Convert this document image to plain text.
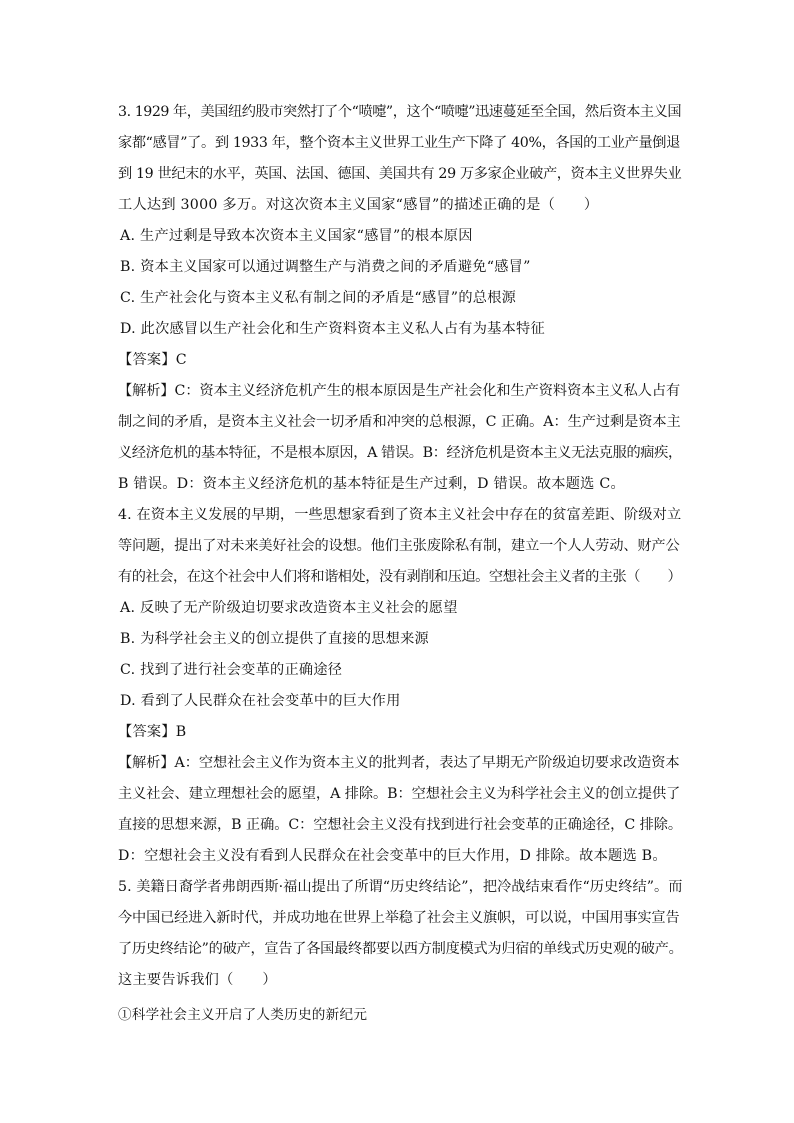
3. 1929 年，美国纽约股市突然打了个“喷嚏”，这个“喷嚏”迅速蔓延至全国，然后资本主义国
家都“感冒”了。到 1933 年，整个资本主义世界工业生产下降了 40%，各国的工业产量倒退
到 19 世纪末的水平，英国、法国、德国、美国共有 29 万多家企业破产，资本主义世界失业
工人达到 3000 多万。对这次资本主义国家“感冒”的描述正确的是（　　）
A. 生产过剩是导致本次资本主义国家“感冒”的根本原因
B. 资本主义国家可以通过调整生产与消费之间的矛盾避免“感冒”
C. 生产社会化与资本主义私有制之间的矛盾是“感冒”的总根源
D. 此次感冒以生产社会化和生产资料资本主义私人占有为基本特征
【答案】C
【解析】C：资本主义经济危机产生的根本原因是生产社会化和生产资料资本主义私人占有
制之间的矛盾，是资本主义社会一切矛盾和冲突的总根源，C 正确。A：生产过剩是资本主
义经济危机的基本特征，不是根本原因，A 错误。B：经济危机是资本主义无法克服的痼疾，
B 错误。D：资本主义经济危机的基本特征是生产过剩，D 错误。故本题选 C。
4. 在资本主义发展的早期，一些思想家看到了资本主义社会中存在的贫富差距、阶级对立
等问题，提出了对未来美好社会的设想。他们主张废除私有制，建立一个人人劳动、财产公
有的社会，在这个社会中人们将和谐相处，没有剥削和压迫。空想社会主义者的主张（　　）
A. 反映了无产阶级迫切要求改造资本主义社会的愿望
B. 为科学社会主义的创立提供了直接的思想来源
C. 找到了进行社会变革的正确途径
D. 看到了人民群众在社会变革中的巨大作用
【答案】B
【解析】A：空想社会主义作为资本主义的批判者，表达了早期无产阶级迫切要求改造资本
主义社会、建立理想社会的愿望，A 排除。B：空想社会主义为科学社会主义的创立提供了
直接的思想来源，B 正确。C：空想社会主义没有找到进行社会变革的正确途径，C 排除。
D：空想社会主义没有看到人民群众在社会变革中的巨大作用，D 排除。故本题选 B。
5. 美籍日裔学者弗朗西斯·福山提出了所谓“历史终结论”，把冷战结束看作“历史终结”。而
今中国已经进入新时代，并成功地在世界上举稳了社会主义旗帜，可以说，中国用事实宣告
了历史终结论”的破产，宣告了各国最终都要以西方制度模式为归宿的单线式历史观的破产。
这主要告诉我们（　　）
①科学社会主义开启了人类历史的新纪元
